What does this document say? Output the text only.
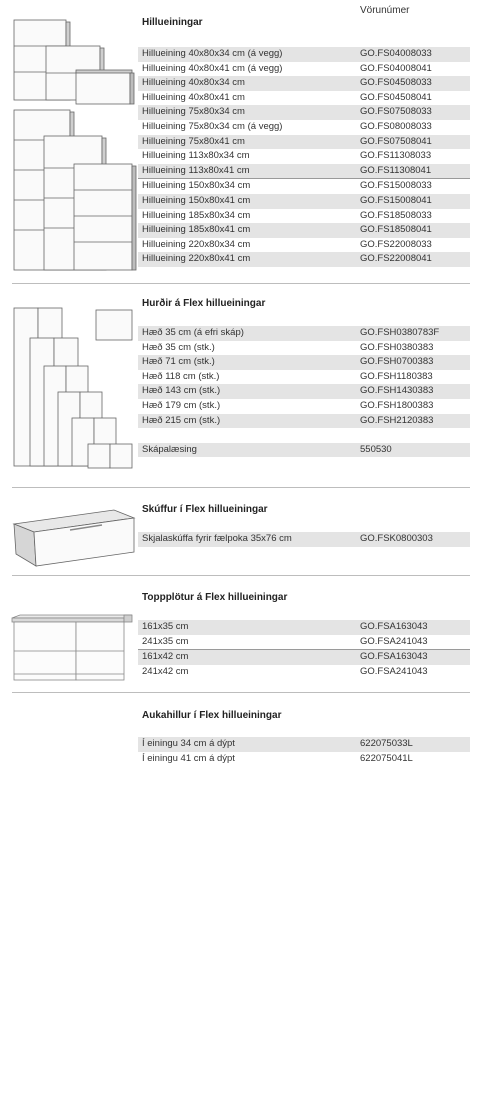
Vörunúmer
Hillueiningar
Hillueining 40x80x34 cm (á vegg)	GO.FS04008033
Hillueining 40x80x41 cm (á vegg)	GO.FS04008041
Hillueining 40x80x34 cm	GO.FS04508033
Hillueining 40x80x41 cm	GO.FS04508041
Hillueining 75x80x34 cm	GO.FS07508033
Hillueining 75x80x34 cm (á vegg)	GO.FS08008033
Hillueining 75x80x41 cm	GO.FS07508041
Hillueining 113x80x34 cm	GO.FS11308033
Hillueining 113x80x41 cm	GO.FS11308041
Hillueining 150x80x34 cm	GO.FS15008033
Hillueining 150x80x41 cm	GO.FS15008041
Hillueining 185x80x34 cm	GO.FS18508033
Hillueining 185x80x41 cm	GO.FS18508041
Hillueining 220x80x34 cm	GO.FS22008033
Hillueining 220x80x41 cm	GO.FS22008041
Hurðir á Flex hillueiningar
Hæð 35 cm (á efri skáp)	GO.FSH0380783F
Hæð 35 cm (stk.)	GO.FSH0380383
Hæð 71 cm (stk.)	GO.FSH0700383
Hæð 118 cm (stk.)	GO.FSH1180383
Hæð 143 cm (stk.)	GO.FSH1430383
Hæð 179 cm (stk.)	GO.FSH1800383
Hæð 215 cm (stk.)	GO.FSH2120383
Skápalæsing	550530
Skúffur í Flex hillueiningar
Skjalaskúffa fyrir fælpoka 35x76 cm	GO.FSK0800303
Toppplötur á Flex hillueiningar
161x35 cm	GO.FSA163043
241x35 cm	GO.FSA241043
161x42 cm	GO.FSA163043
241x42 cm	GO.FSA241043
Aukahillur í Flex hillueiningar
Í einingu 34 cm á dýpt	622075033L
Í einingu 41 cm á dýpt	622075041L
